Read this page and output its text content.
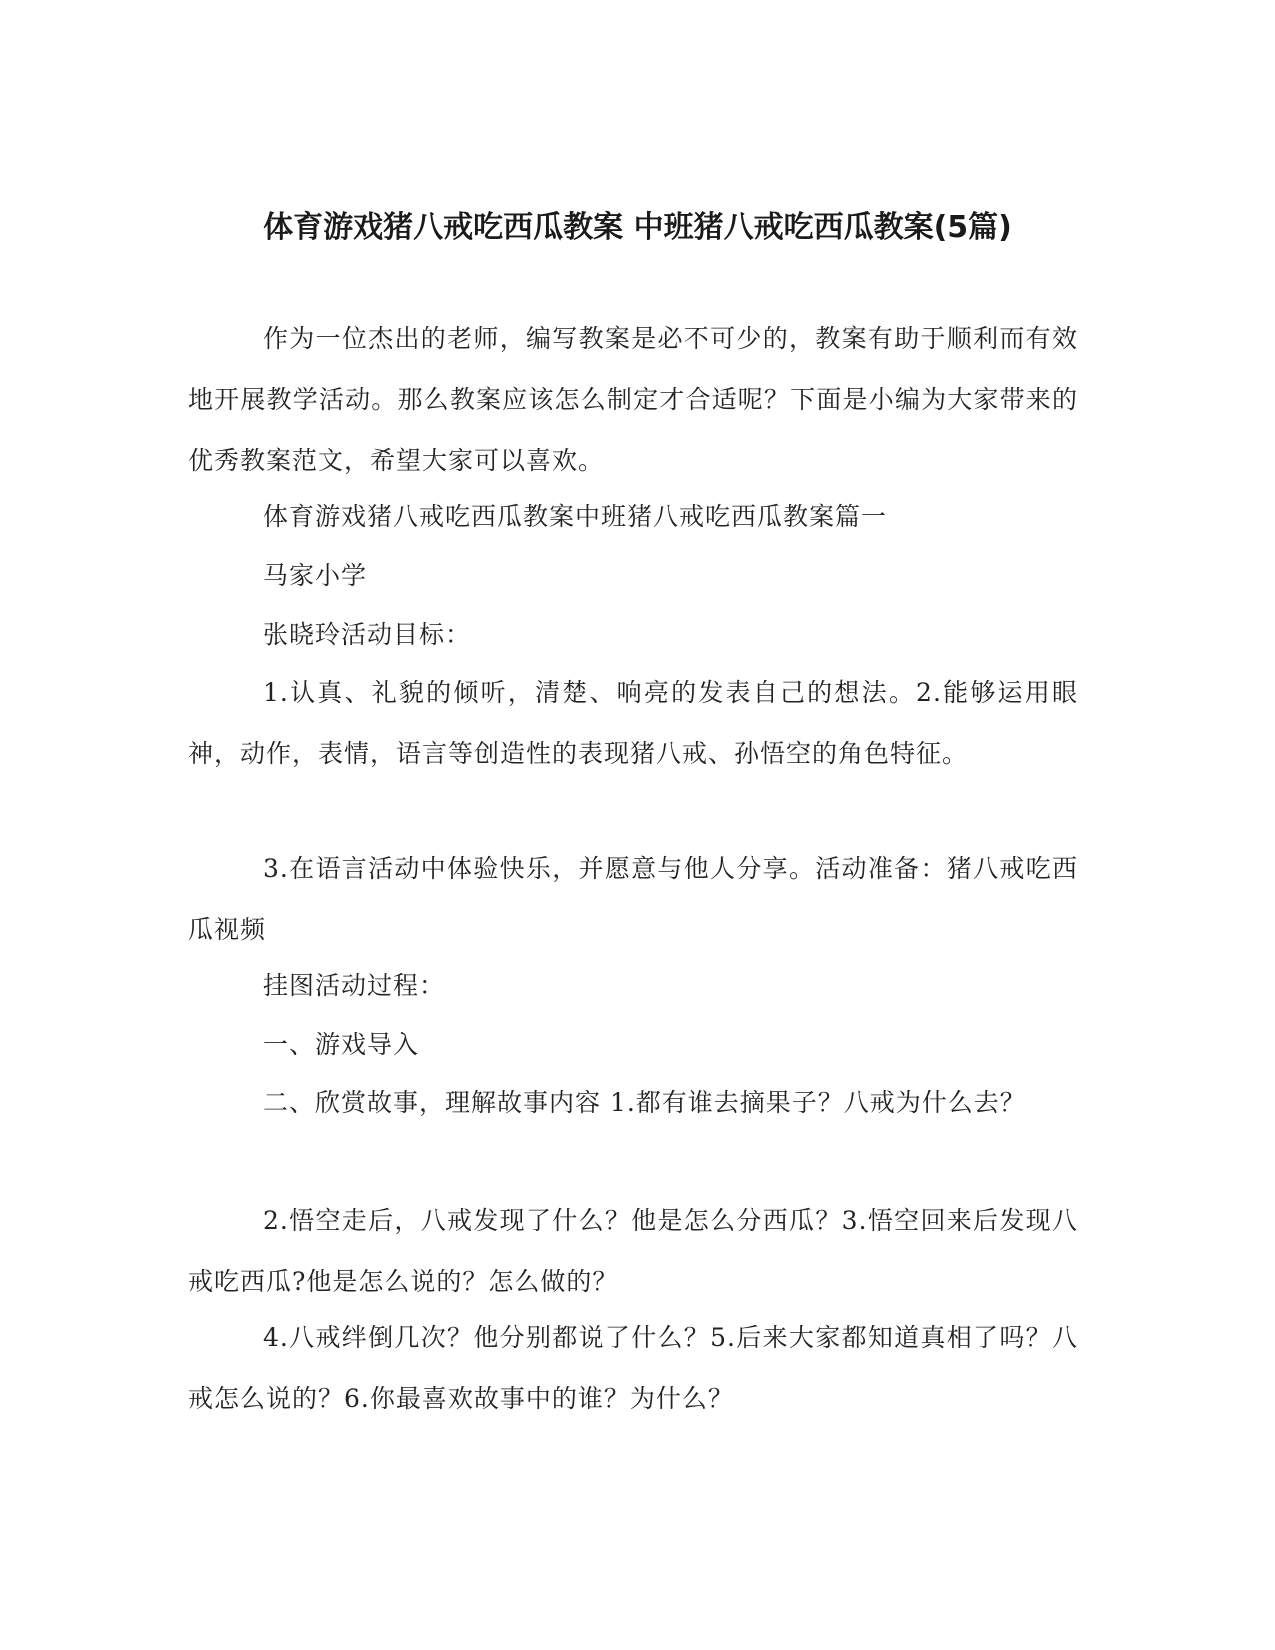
体育游戏猪八戒吃西瓜教案 中班猪八戒吃西瓜教案(5篇)

作为一位杰出的老师，编写教案是必不可少的，教案有助于顺利而有效地开展教学活动。那么教案应该怎么制定才合适呢？下面是小编为大家带来的优秀教案范文，希望大家可以喜欢。

体育游戏猪八戒吃西瓜教案中班猪八戒吃西瓜教案篇一

马家小学

张晓玲活动目标：

1.认真、礼貌的倾听，清楚、响亮的发表自己的想法。2.能够运用眼神，动作，表情，语言等创造性的表现猪八戒、孙悟空的角色特征。

3.在语言活动中体验快乐，并愿意与他人分享。活动准备：猪八戒吃西瓜视频

挂图活动过程：

一、游戏导入

二、欣赏故事，理解故事内容 1.都有谁去摘果子？八戒为什么去？

2.悟空走后，八戒发现了什么？他是怎么分西瓜？3.悟空回来后发现八戒吃西瓜?他是怎么说的？怎么做的？

4.八戒绊倒几次？他分别都说了什么？5.后来大家都知道真相了吗？八戒怎么说的？6.你最喜欢故事中的谁？为什么？
